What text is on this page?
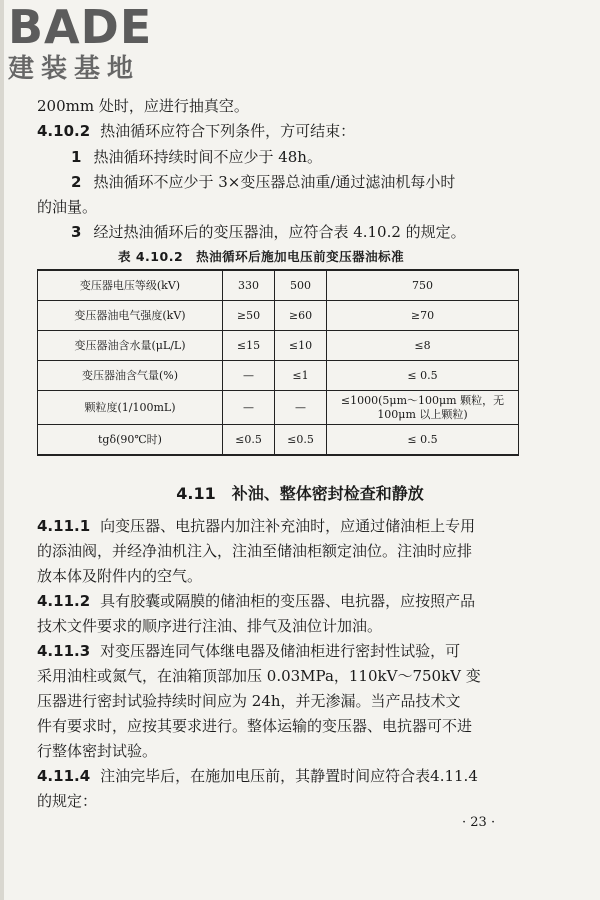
BADE
建装基地
200mm 处时，应进行抽真空。
4.10.2 热油循环应符合下列条件，方可结束：
1 热油循环持续时间不应少于 48h。
2 热油循环不应少于 3×变压器总油重/通过滤油机每小时
的油量。
3 经过热油循环后的变压器油，应符合表 4.10.2 的规定。
表 4.10.2　热油循环后施加电压前变压器油标准
变压器电压等级(kV)	330	500	750
变压器油电气强度(kV)	≥50	≥60	≥70
变压器油含水量(μL/L)	≤15	≤10	≤8
变压器油含气量(%)	—	≤1	≤ 0.5
颗粒度(1/100mL)	—	—	≤1000(5μm～100μm 颗粒，无 100μm 以上颗粒)
tgδ(90℃时)	≤0.5	≤0.5	≤ 0.5
4.11　补油、整体密封检查和静放
4.11.1 向变压器、电抗器内加注补充油时，应通过储油柜上专用
的添油阀，并经净油机注入，注油至储油柜额定油位。注油时应排
放本体及附件内的空气。
4.11.2 具有胶囊或隔膜的储油柜的变压器、电抗器，应按照产品
技术文件要求的顺序进行注油、排气及油位计加油。
4.11.3 对变压器连同气体继电器及储油柜进行密封性试验，可
采用油柱或氮气，在油箱顶部加压 0.03MPa，110kV～750kV 变
压器进行密封试验持续时间应为 24h，并无渗漏。当产品技术文
件有要求时，应按其要求进行。整体运输的变压器、电抗器可不进
行整体密封试验。
4.11.4 注油完毕后，在施加电压前，其静置时间应符合表4.11.4
的规定：
· 23 ·
